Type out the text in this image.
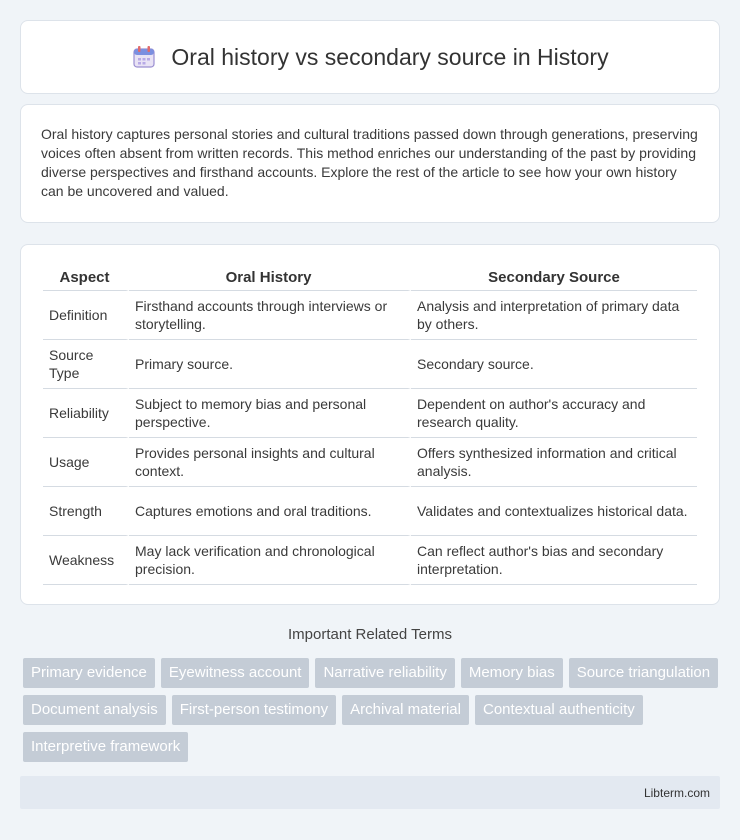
Oral history vs secondary source in History

Oral history captures personal stories and cultural traditions passed down through generations, preserving voices often absent from written records. This method enriches our understanding of the past by providing diverse perspectives and firsthand accounts. Explore the rest of the article to see how your own history can be uncovered and valued.

Aspect	Oral History	Secondary Source
Definition	Firsthand accounts through interviews or storytelling.	Analysis and interpretation of primary data by others.
Source Type	Primary source.	Secondary source.
Reliability	Subject to memory bias and personal perspective.	Dependent on author's accuracy and research quality.
Usage	Provides personal insights and cultural context.	Offers synthesized information and critical analysis.
Strength	Captures emotions and oral traditions.	Validates and contextualizes historical data.
Weakness	May lack verification and chronological precision.	Can reflect author's bias and secondary interpretation.
Important Related Terms
Primary evidence	Eyewitness account	Narrative reliability	Memory bias	Source triangulation
Document analysis	First-person testimony	Archival material	Contextual authenticity
Interpretive framework
Libterm.com
